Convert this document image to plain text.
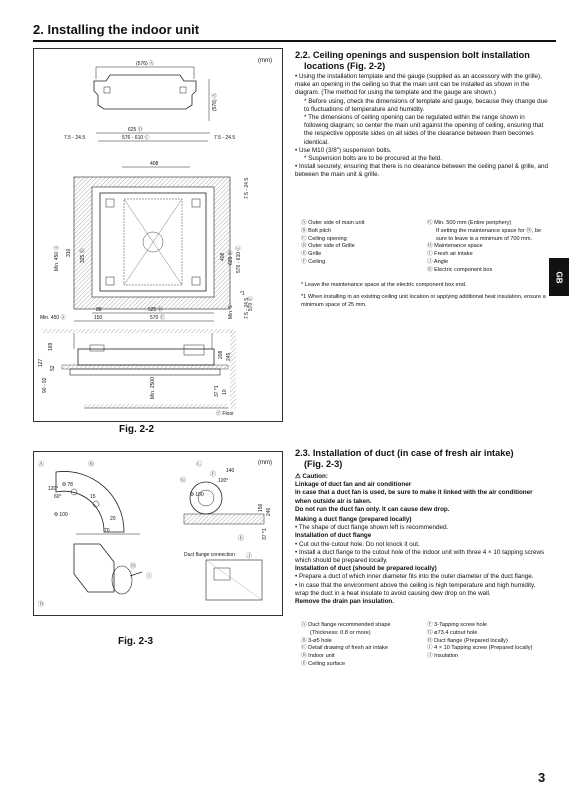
2. Installing the indoor unit
(mm)
(576) Ⓐ
(576) Ⓐ
625 Ⓓ
576 - 610 Ⓒ
7.5 - 24.5	7.5 - 24.5
408
310 325 Ⓑ
Min. 450 Ⓐ	408 625 Ⓓ 576 - 610 Ⓒ
7.5 - 24.5
7.5 - 24.5
88	525 Ⓑ
Min. 450 Ⓐ	150	570 Ⓔ
570 Ⓔ
Min. 5
*1
127
169
52
90 - 92
208 245
Min. 2500	37 *1 10
Ⓕ Floor
Fig. 2-2
(mm)
Ⓐ	Ⓑ	Ⓒ
120°
60°
Φ 78
15
Φ 100
20
70
140
Ⓕ
120°
Ⓖ
Φ 100
156 246
37 *1
Ⓔ
Duct flange connection Ⓙ
Ⓗ
Ⓘ
Ⓓ
Fig. 2-3
2.2. Ceiling openings and suspension bolt installation
locations (Fig. 2-2)

• Using the installation template and the gauge (supplied as an accessory with the grille), make an opening in the ceiling so that the main unit can be installed as shown in the diagram. (The method for using the template and the gauge are shown.)

* Before using, check the dimensions of template and gauge, because they change due to fluctuations of temperature and humidity.

* The dimensions of ceiling opening can be regulated within the range shown in following diagram; so center the main unit against the opening of ceiling, ensuring that the respective opposite sides on all sides of the clearance between them becomes identical.

• Use M10 (3/8") suspension bolts.

* Suspension bolts are to be procured at the field.

• Install securely, ensuring that there is no clearance between the ceiling panel & grille, and between the main unit & grille.

Ⓐ Outer side of main unit
Ⓑ Bolt pitch
Ⓒ Ceiling opening
Ⓓ Outer side of Grille
Ⓔ Grille
Ⓕ Ceiling
Ⓖ Min. 500 mm (Entire periphery)
If setting the maintenance space for Ⓗ, be
sure to leave is a minimum of 700 mm.
Ⓗ Maintenance space
Ⓘ Fresh air intake
Ⓙ Angle
Ⓚ Electric component box
* Leave the maintenance space at the electric component box end.
*1 When installing in an existing ceiling unit location or applying additional heat insulation, ensure a minimum space of 25 mm.
2.3. Installation of duct (in case of fresh air intake)
(Fig. 2-3)

⚠ Caution:

Linkage of duct fan and air conditioner

In case that a duct fan is used, be sure to make it linked with the air conditioner when outside air is taken.

Do not run the duct fan only. It can cause dew drop.

Making a duct flange (prepared locally)

• The shape of duct flange shown left is recommended.

Installation of duct flange

• Cut out the cutout hole. Do not knock it out.

• Install a duct flange to the cutout hole of the indoor unit with three 4 × 10 tapping screws which should be prepared locally.

Installation of duct (should be prepared locally)

• Prepare a duct of which inner diameter fits into the outer diameter of the duct flange.

• In case that the environment above the ceiling is high temperature and high humidity, wrap the duct in a heat insulate to avoid causing dew drop on the wall.

Remove the drain pan insulation.

Ⓐ Duct flange recommended shape
(Thickness: 0.8 or more)
Ⓑ 3-ø5 hole
Ⓒ Detail drawing of fresh air intake
Ⓓ Indoor unit
Ⓔ Ceiling surface
Ⓕ 3-Tapping screw hole
Ⓖ ø73.4 cutout hole
Ⓗ Duct flange (Prepared locally)
Ⓘ 4 × 10 Tapping screw (Prepared locally)
Ⓙ Insulation
GB
3
